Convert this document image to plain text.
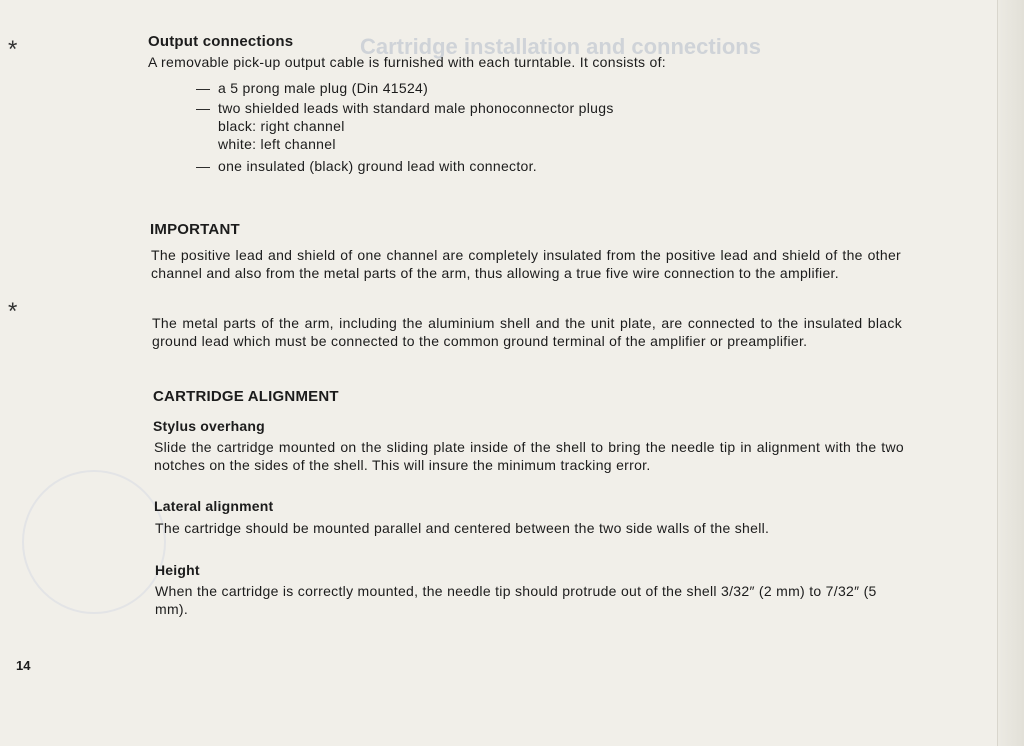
Cartridge installation and connections
*
*
Output connections

A removable pick-up output cable is furnished with each turntable. It consists of:

— a 5 prong male plug (Din 41524)
— two shielded leads with standard male phonoconnector plugs
black: right channel
white: left channel
— one insulated (black) ground lead with connector.
IMPORTANT

The positive lead and shield of one channel are completely insulated from the positive lead and shield of the other channel and also from the metal parts of the arm, thus allowing a true five wire connection to the amplifier.

The metal parts of the arm, including the aluminium shell and the unit plate, are connected to the insulated black ground lead which must be connected to the common ground terminal of the amplifier or preamplifier.

CARTRIDGE ALIGNMENT
Stylus overhang

Slide the cartridge mounted on the sliding plate inside of the shell to bring the needle tip in alignment with the two notches on the sides of the shell. This will insure the minimum tracking error.

Lateral alignment

The cartridge should be mounted parallel and centered between the two side walls of the shell.

Height

When the cartridge is correctly mounted, the needle tip should protrude out of the shell 3/32″ (2 mm) to 7/32″ (5 mm).

14
